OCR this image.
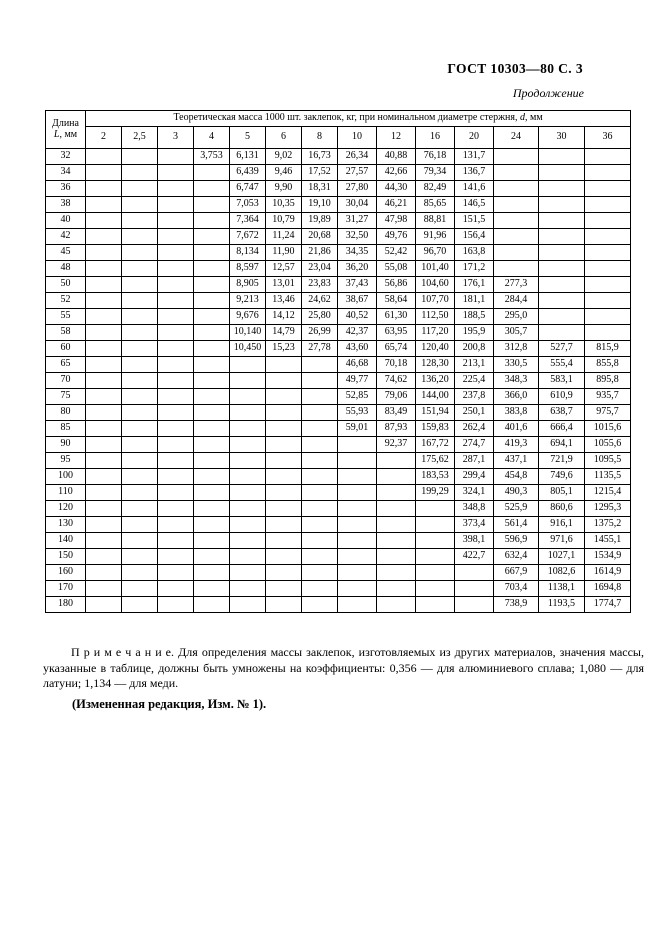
ГОСТ 10303—80 С. 3
Продолжение
Длина
L, мм	Теоретическая масса 1000 шт. заклепок, кг, при номинальном диаметре стержня, d, мм													
	2	2,5	3	4	5	6	8	10	12	16	20	24	30	36
32				3,753	6,131	9,02	16,73	26,34	40,88	76,18	131,7			
34					6,439	9,46	17,52	27,57	42,66	79,34	136,7			
36					6,747	9,90	18,31	27,80	44,30	82,49	141,6			
38					7,053	10,35	19,10	30,04	46,21	85,65	146,5			
40					7,364	10,79	19,89	31,27	47,98	88,81	151,5			
42					7,672	11,24	20,68	32,50	49,76	91,96	156,4			
45					8,134	11,90	21,86	34,35	52,42	96,70	163,8			
48					8,597	12,57	23,04	36,20	55,08	101,40	171,2			
50					8,905	13,01	23,83	37,43	56,86	104,60	176,1	277,3		
52					9,213	13,46	24,62	38,67	58,64	107,70	181,1	284,4		
55					9,676	14,12	25,80	40,52	61,30	112,50	188,5	295,0		
58					10,140	14,79	26,99	42,37	63,95	117,20	195,9	305,7		
60					10,450	15,23	27,78	43,60	65,74	120,40	200,8	312,8	527,7	815,9
65								46,68	70,18	128,30	213,1	330,5	555,4	855,8
70								49,77	74,62	136,20	225,4	348,3	583,1	895,8
75								52,85	79,06	144,00	237,8	366,0	610,9	935,7
80								55,93	83,49	151,94	250,1	383,8	638,7	975,7
85								59,01	87,93	159,83	262,4	401,6	666,4	1015,6
90									92,37	167,72	274,7	419,3	694,1	1055,6
95										175,62	287,1	437,1	721,9	1095,5
100										183,53	299,4	454,8	749,6	1135,5
110										199,29	324,1	490,3	805,1	1215,4
120											348,8	525,9	860,6	1295,3
130											373,4	561,4	916,1	1375,2
140											398,1	596,9	971,6	1455,1
150											422,7	632,4	1027,1	1534,9
160												667,9	1082,6	1614,9
170												703,4	1138,1	1694,8
180												738,9	1193,5	1774,7

П р и м е ч а н и е. Для определения массы заклепок, изготовляемых из других материалов, значения массы, указанные в таблице, должны быть умножены на коэффициенты: 0,356 — для алюминиевого сплава; 1,080 — для латуни; 1,134 — для меди.

(Измененная редакция, Изм. № 1).
